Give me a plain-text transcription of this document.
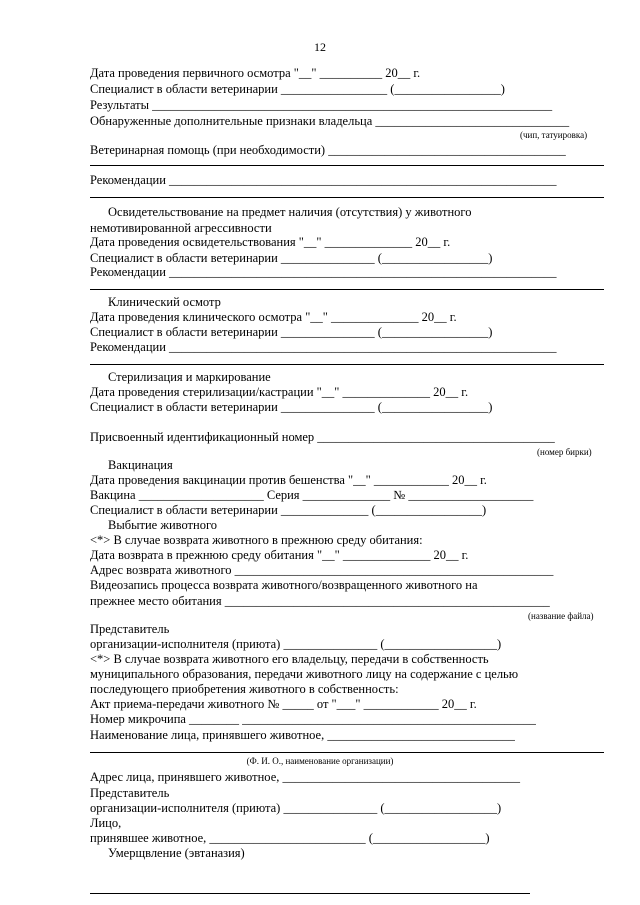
12
Дата проведения первичного осмотра "__" __________ 20__ г.
Специалист в области ветеринарии _________________ (_________________)
Результаты ________________________________________________________________
Обнаруженные дополнительные признаки владельца _______________________________
(чип, татуировка)
Ветеринарная помощь (при необходимости) ______________________________________
Рекомендации ______________________________________________________________
Освидетельствование на предмет наличия (отсутствия) у животного
немотивированной агрессивности
Дата проведения освидетельствования "__" ______________ 20__ г.
Специалист в области ветеринарии _______________ (_________________)
Рекомендации ______________________________________________________________
Клинический осмотр
Дата проведения клинического осмотра "__" ______________ 20__ г.
Специалист в области ветеринарии _______________ (_________________)
Рекомендации ______________________________________________________________
Стерилизация и маркирование
Дата проведения стерилизации/кастрации "__" ______________ 20__ г.
Специалист в области ветеринарии _______________ (_________________)
Присвоенный идентификационный номер ______________________________________
(номер бирки)
Вакцинация
Дата проведения вакцинации против бешенства "__" ____________ 20__ г.
Вакцина ____________________ Серия ______________ № ____________________
Специалист в области ветеринарии ______________ (_________________)
Выбытие животного
<*> В случае возврата животного в прежнюю среду обитания:
Дата возврата в прежнюю среду обитания "__" ______________ 20__ г.
Адрес возврата животного ___________________________________________________
Видеозапись процесса возврата животного/возвращенного животного на
прежнее место обитания ____________________________________________________
(название файла)
Представитель
организации-исполнителя (приюта) _______________ (__________________)
<*> В случае возврата животного его владельцу, передачи в собственность
муниципального образования, передачи животного лицу на содержание с целью
последующего приобретения животного в собственность:
Акт приема-передачи животного № _____ от "___" ____________ 20__ г.
Номер микрочипа ________ _______________________________________________
Наименование лица, принявшего животное, ______________________________
(Ф. И. О., наименование организации)
Адрес лица, принявшего животное, ______________________________________
Представитель
организации-исполнителя (приюта) _______________ (__________________)
Лицо,
принявшее животное, _________________________ (__________________)
Умерщвление (эвтаназия)
